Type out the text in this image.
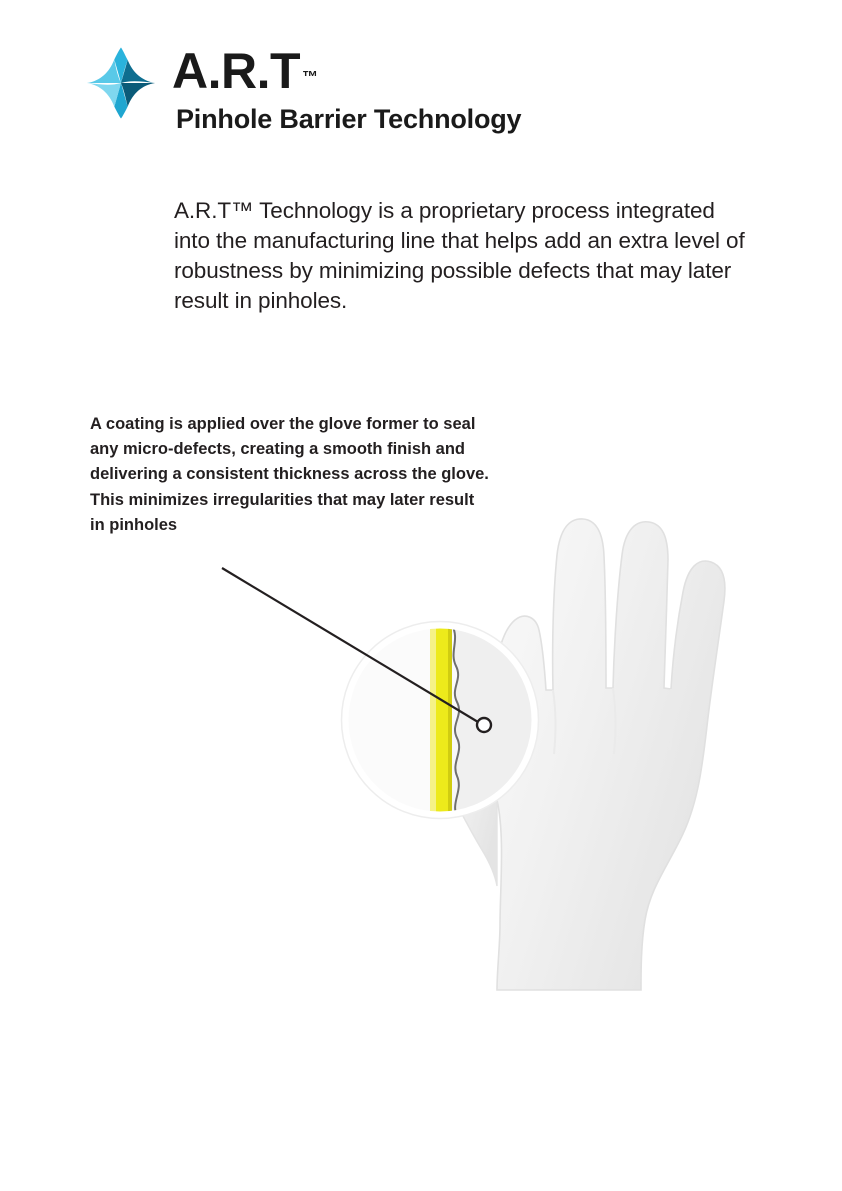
A.R.T ™
Pinhole Barrier Technology
A.R.T™ Technology is a proprietary process integrated into the manufacturing line that helps add an extra level of robustness by minimizing possible defects that may later result in pinholes.
A coating is applied over the glove former to seal any micro-defects, creating a smooth finish and delivering a consistent thickness across the glove. This minimizes irregularities that may later result in pinholes
